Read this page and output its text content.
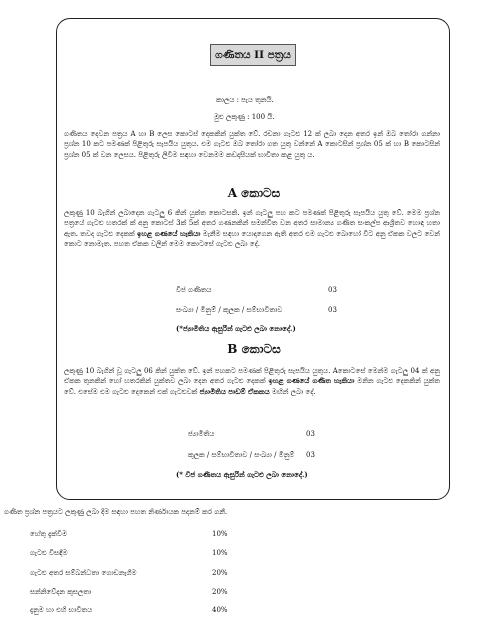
ගණිතය II පත්‍රය
කාලය : පැය තුනයි.
මුළු ලකුණු : 100 යි.
ගණිතය දෙවන පත්‍රය A හා B ලෙස කොටස් දෙකකින් යුක්ත වේ. රචනා ගැටළු 12 ක් ලබා දෙන අතර ඉන් ඔබ තෝරා ගන්නා ප්‍රශ්න 10 කට පමණක් පිළිතුරු සැපයිය යුතුය. එම ගැටළු ඔබ තෝරා ගත යුතු වන්නේ A කොටසින් ප්‍රශ්න 05 ක් හා B කොටසින් ප්‍රශ්න 05 ක් වන ලෙසය. පිළිතුරු ලිවීම සඳහා වෙනමම කඩදාසියක් භාවිතා කළ යුතු ය.
A කොටස
ලකුණු 10 බැගින් ලබාදෙන ගැටලු 6 කින් යුක්ත කොටසකි. ඉන් ගැටලු පහ කට පමණක් පිළිතුරු සැපයිය යුතු වේ. මෙම ප්‍රශ්න පත්‍රයේ ගැටළු හතරක් ක් අනු කොටස් 3ක් 5ක් අතර ගණනකින් සමන්විත වන අතර සාමාන්‍ය ගණිත සංකල්ප ආශ්‍රිතව හොඳ හතා ඇත. තවද ගැටළු දෙකක් ඉහළ ගණයේ හැකියා මැනීම සඳහා යොදාගෙන ඇති අතර එම ගැටළු බොහෝ විට අනු ඒකක වලට වෙන් කොට නොමැත. පහත ඒකක වලින් මෙම කොටසේ ගැටළු ලබා දේ.
වීජ ගණිතය	03
සංඛ්‍යා / මිනුම් / කුලක / සම්භාවිතාව	03
(*ජ්‍යාමිතිය ඇසුරින් ගැටළු ලබා නොදේ.)
B කොටස
ලකුණු 10 බැගින් වූ ගැටලු 06 කින් යුක්ත වේ. ඉන් පහකට පමණක් පිළිතුරු සැපයිය යුතුය. Aකොටසේ මෙන්ම ගැටලු 04 ක් අනු ඒකක තුනකින් හෝ හතරකින් යුක්තව ලබා දෙන අතර ගැටළු දෙකක් ඉහළ ගණයේ ගණිත හැකියා මනින ගැටළු දෙකකින් යුක්ත වේ. එසේම එම ගැටළු දෙකෙන් එක් ගැටළුවක් ජ්‍යාමිතිය පාඩම් ඒකකය මඟින් ලබා දේ.
ජ්‍යාමිතිය	03
කුලක / සම්භාවිතාව / සංඛ්‍යා / මිනුම් 03
(* වීජ ගණිතය ඇසුරින් ගැටළු ලබා නොදේ.)
ගණිත ප්‍රශ්න පත්‍රයට ලකුණු ලබා දීම සඳහා පහත නිර්ණායක පදනම් කර ගනී.
හේතු දැක්වීම	10%
ගැටළු විසඳීම	10%
ගැටළු අතර සම්බන්ධතා ගොඩනැගීම	20%
සන්නිවේදන කුසලතා	20%
දැනුම හා එහි භාවිතය	40%
